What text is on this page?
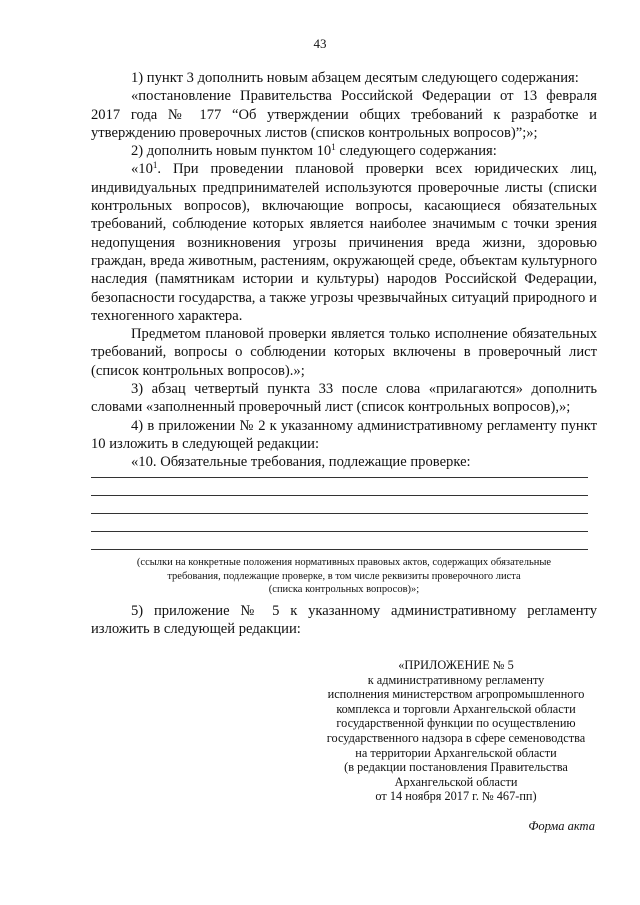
43

1) пункт 3 дополнить новым абзацем десятым следующего содержания:

«постановление Правительства Российской Федерации от 13 февраля 2017 года № 177 “Об утверждении общих требований к разработке и утверждению проверочных листов (списков контрольных вопросов)”;»;

2) дополнить новым пунктом $10^1$ следующего содержания:

«$10^1$. При проведении плановой проверки всех юридических лиц, индивидуальных предпринимателей используются проверочные листы (списки контрольных вопросов), включающие вопросы, касающиеся обязательных требований, соблюдение которых является наиболее значимым с точки зрения недопущения возникновения угрозы причинения вреда жизни, здоровью граждан, вреда животным, растениям, окружающей среде, объектам культурного наследия (памятникам истории и культуры) народов Российской Федерации, безопасности государства, а также угрозы чрезвычайных ситуаций природного и техногенного характера.

Предметом плановой проверки является только исполнение обязательных требований, вопросы о соблюдении которых включены в проверочный лист (список контрольных вопросов).»;

3) абзац четвертый пункта 33 после слова «прилагаются» дополнить словами «заполненный проверочный лист (список контрольных вопросов),»;

4) в приложении № 2 к указанному административному регламенту пункт 10 изложить в следующей редакции:

«10. Обязательные требования, подлежащие проверке:

(ссылки на конкретные положения нормативных правовых актов, содержащих обязательные
требования, подлежащие проверке, в том числе реквизиты проверочного листа
(списка контрольных вопросов)»;

5) приложение № 5 к указанному административному регламенту изложить в следующей редакции:

«ПРИЛОЖЕНИЕ № 5
к административному регламенту
исполнения министерством агропромышленного
комплекса и торговли Архангельской области
государственной функции по осуществлению
государственного надзора в сфере семеноводства
на территории Архангельской области
(в редакции постановления Правительства
Архангельской области
от 14 ноября 2017 г. № 467-пп)
Форма акта
